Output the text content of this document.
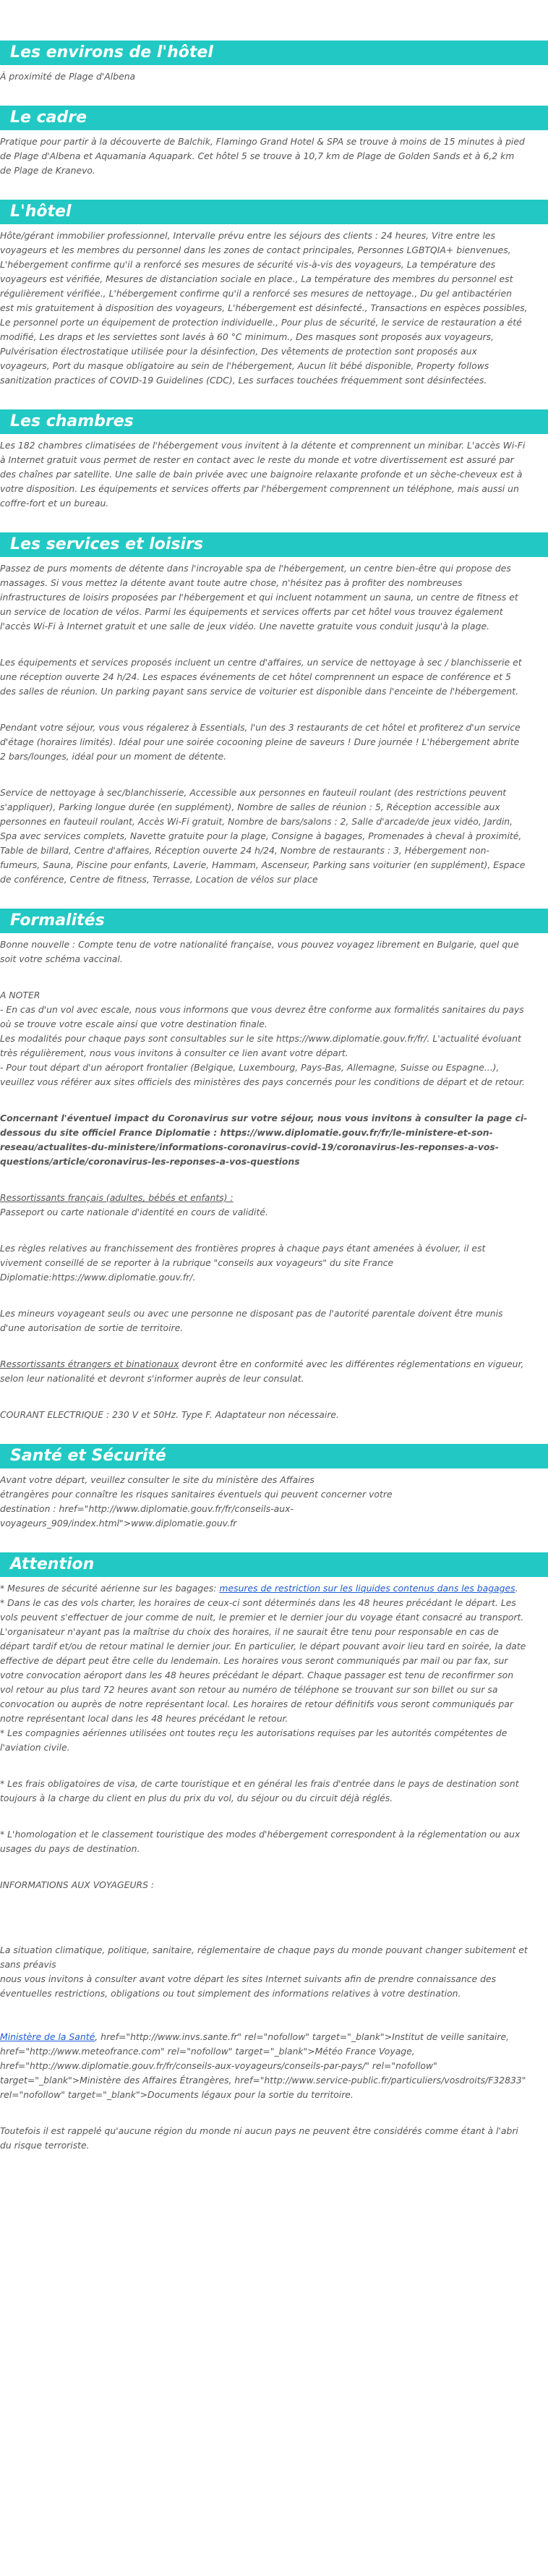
Les environs de l'hôtel

À proximité de Plage d'Albena

Le cadre

Pratique pour partir à la découverte de Balchik, Flamingo Grand Hotel & SPA se trouve à moins de 15 minutes à pied de Plage d'Albena et Aquamania Aquapark. Cet hôtel 5 se trouve à 10,7 km de Plage de Golden Sands et à 6,2 km de Plage de Kranevo.

L'hôtel

Hôte/gérant immobilier professionnel, Intervalle prévu entre les séjours des clients : 24 heures, Vitre entre les voyageurs et les membres du personnel dans les zones de contact principales, Personnes LGBTQIA+ bienvenues, L'hébergement confirme qu'il a renforcé ses mesures de sécurité vis-à-vis des voyageurs, La température des voyageurs est vérifiée, Mesures de distanciation sociale en place., La température des membres du personnel est régulièrement vérifiée., L'hébergement confirme qu'il a renforcé ses mesures de nettoyage., Du gel antibactérien est mis gratuitement à disposition des voyageurs, L'hébergement est désinfecté., Transactions en espèces possibles, Le personnel porte un équipement de protection individuelle., Pour plus de sécurité, le service de restauration a été modifié, Les draps et les serviettes sont lavés à 60 °C minimum., Des masques sont proposés aux voyageurs, Pulvérisation électrostatique utilisée pour la désinfection, Des vêtements de protection sont proposés aux voyageurs, Port du masque obligatoire au sein de l'hébergement, Aucun lit bébé disponible, Property follows sanitization practices of COVID-19 Guidelines (CDC), Les surfaces touchées fréquemment sont désinfectées.

Les chambres

Les 182 chambres climatisées de l'hébergement vous invitent à la détente et comprennent un minibar. L'accès Wi-Fi à Internet gratuit vous permet de rester en contact avec le reste du monde et votre divertissement est assuré par des chaînes par satellite. Une salle de bain privée avec une baignoire relaxante profonde et un sèche-cheveux est à votre disposition. Les équipements et services offerts par l'hébergement comprennent un téléphone, mais aussi un coffre-fort et un bureau.

Les services et loisirs

Passez de purs moments de détente dans l'incroyable spa de l'hébergement, un centre bien-être qui propose des massages. Si vous mettez la détente avant toute autre chose, n'hésitez pas à profiter des nombreuses infrastructures de loisirs proposées par l'hébergement et qui incluent notamment un sauna, un centre de fitness et un service de location de vélos. Parmi les équipements et services offerts par cet hôtel vous trouvez également l'accès Wi-Fi à Internet gratuit et une salle de jeux vidéo. Une navette gratuite vous conduit jusqu'à la plage.

Les équipements et services proposés incluent un centre d'affaires, un service de nettoyage à sec / blanchisserie et une réception ouverte 24 h/24. Les espaces événements de cet hôtel comprennent un espace de conférence et 5 des salles de réunion. Un parking payant sans service de voiturier est disponible dans l'enceinte de l'hébergement.

Pendant votre séjour, vous vous régalerez à Essentials, l'un des 3 restaurants de cet hôtel et profiterez d'un service d'étage (horaires limités). Idéal pour une soirée cocooning pleine de saveurs ! Dure journée ! L'hébergement abrite 2 bars/lounges, idéal pour un moment de détente.

Service de nettoyage à sec/blanchisserie, Accessible aux personnes en fauteuil roulant (des restrictions peuvent s'appliquer), Parking longue durée (en supplément), Nombre de salles de réunion : 5, Réception accessible aux personnes en fauteuil roulant, Accès Wi-Fi gratuit, Nombre de bars/salons : 2, Salle d'arcade/de jeux vidéo, Jardin, Spa avec services complets, Navette gratuite pour la plage, Consigne à bagages, Promenades à cheval à proximité, Table de billard, Centre d'affaires, Réception ouverte 24 h/24, Nombre de restaurants : 3, Hébergement non-fumeurs, Sauna, Piscine pour enfants, Laverie, Hammam, Ascenseur, Parking sans voiturier (en supplément), Espace de conférence, Centre de fitness, Terrasse, Location de vélos sur place

Formalités

Bonne nouvelle : Compte tenu de votre nationalité française, vous pouvez voyagez librement en Bulgarie, quel que soit votre schéma vaccinal.

A NOTER

- En cas d'un vol avec escale, nous vous informons que vous devrez être conforme aux formalités sanitaires du pays où se trouve votre escale ainsi que votre destination finale.

Les modalités pour chaque pays sont consultables sur le site https://www.diplomatie.gouv.fr/fr/. L'actualité évoluant très régulièrement, nous vous invitons à consulter ce lien avant votre départ.

- Pour tout départ d'un aéroport frontalier (Belgique, Luxembourg, Pays-Bas, Allemagne, Suisse ou Espagne...), veuillez vous référer aux sites officiels des ministères des pays concernés pour les conditions de départ et de retour.

Concernant l'éventuel impact du Coronavirus sur votre séjour, nous vous invitons à consulter la page ci-dessous du site officiel France Diplomatie : https://www.diplomatie.gouv.fr/fr/le-ministere-et-son-reseau/actualites-du-ministere/informations-coronavirus-covid-19/coronavirus-les-reponses-a-vos-questions/article/coronavirus-les-reponses-a-vos-questions

Ressortissants français (adultes, bébés et enfants) :

Passeport ou carte nationale d'identité en cours de validité.

Les règles relatives au franchissement des frontières propres à chaque pays étant amenées à évoluer, il est vivement conseillé de se reporter à la rubrique "conseils aux voyageurs" du site France Diplomatie:https://www.diplomatie.gouv.fr/.

Les mineurs voyageant seuls ou avec une personne ne disposant pas de l'autorité parentale doivent être munis d'une autorisation de sortie de territoire.

Ressortissants étrangers et binationaux devront être en conformité avec les différentes réglementations en vigueur, selon leur nationalité et devront s'informer auprès de leur consulat.

COURANT ELECTRIQUE : 230 V et 50Hz. Type F. Adaptateur non nécessaire.

Santé et Sécurité

Avant votre départ, veuillez consulter le site du ministère des Affaires

étrangères pour connaître les risques sanitaires éventuels qui peuvent concerner votre

destination : href="http://www.diplomatie.gouv.fr/fr/conseils-aux-voyageurs_909/index.html">www.diplomatie.gouv.fr

Attention

* Mesures de sécurité aérienne sur les bagages: mesures de restriction sur les liquides contenus dans les bagages.

* Dans le cas des vols charter, les horaires de ceux-ci sont déterminés dans les 48 heures précédant le départ. Les vols peuvent s'effectuer de jour comme de nuit, le premier et le dernier jour du voyage étant consacré au transport. L'organisateur n'ayant pas la maîtrise du choix des horaires, il ne saurait être tenu pour responsable en cas de départ tardif et/ou de retour matinal le dernier jour. En particulier, le départ pouvant avoir lieu tard en soirée, la date effective de départ peut être celle du lendemain. Les horaires vous seront communiqués par mail ou par fax, sur votre convocation aéroport dans les 48 heures précédant le départ. Chaque passager est tenu de reconfirmer son vol retour au plus tard 72 heures avant son retour au numéro de téléphone se trouvant sur son billet ou sur sa convocation ou auprès de notre représentant local. Les horaires de retour définitifs vous seront communiqués par notre représentant local dans les 48 heures précédant le retour.

* Les compagnies aériennes utilisées ont toutes reçu les autorisations requises par les autorités compétentes de l'aviation civile.

* Les frais obligatoires de visa, de carte touristique et en général les frais d'entrée dans le pays de destination sont toujours à la charge du client en plus du prix du vol, du séjour ou du circuit déjà réglés.

* L'homologation et le classement touristique des modes d'hébergement correspondent à la réglementation ou aux usages du pays de destination.

INFORMATIONS AUX VOYAGEURS :

La situation climatique, politique, sanitaire, réglementaire de chaque pays du monde pouvant changer subitement et sans préavis

nous vous invitons à consulter avant votre départ les sites Internet suivants afin de prendre connaissance des éventuelles restrictions, obligations ou tout simplement des informations relatives à votre destination.

Ministère de la Santé, href="http://www.invs.sante.fr" rel="nofollow" target="_blank">Institut de veille sanitaire, href="http://www.meteofrance.com" rel="nofollow" target="_blank">Météo France Voyage, href="http://www.diplomatie.gouv.fr/fr/conseils-aux-voyageurs/conseils-par-pays/" rel="nofollow" target="_blank">Ministère des Affaires Étrangères, href="http://www.service-public.fr/particuliers/vosdroits/F32833" rel="nofollow" target="_blank">Documents légaux pour la sortie du territoire.

Toutefois il est rappelé qu'aucune région du monde ni aucun pays ne peuvent être considérés comme étant à l'abri du risque terroriste.
